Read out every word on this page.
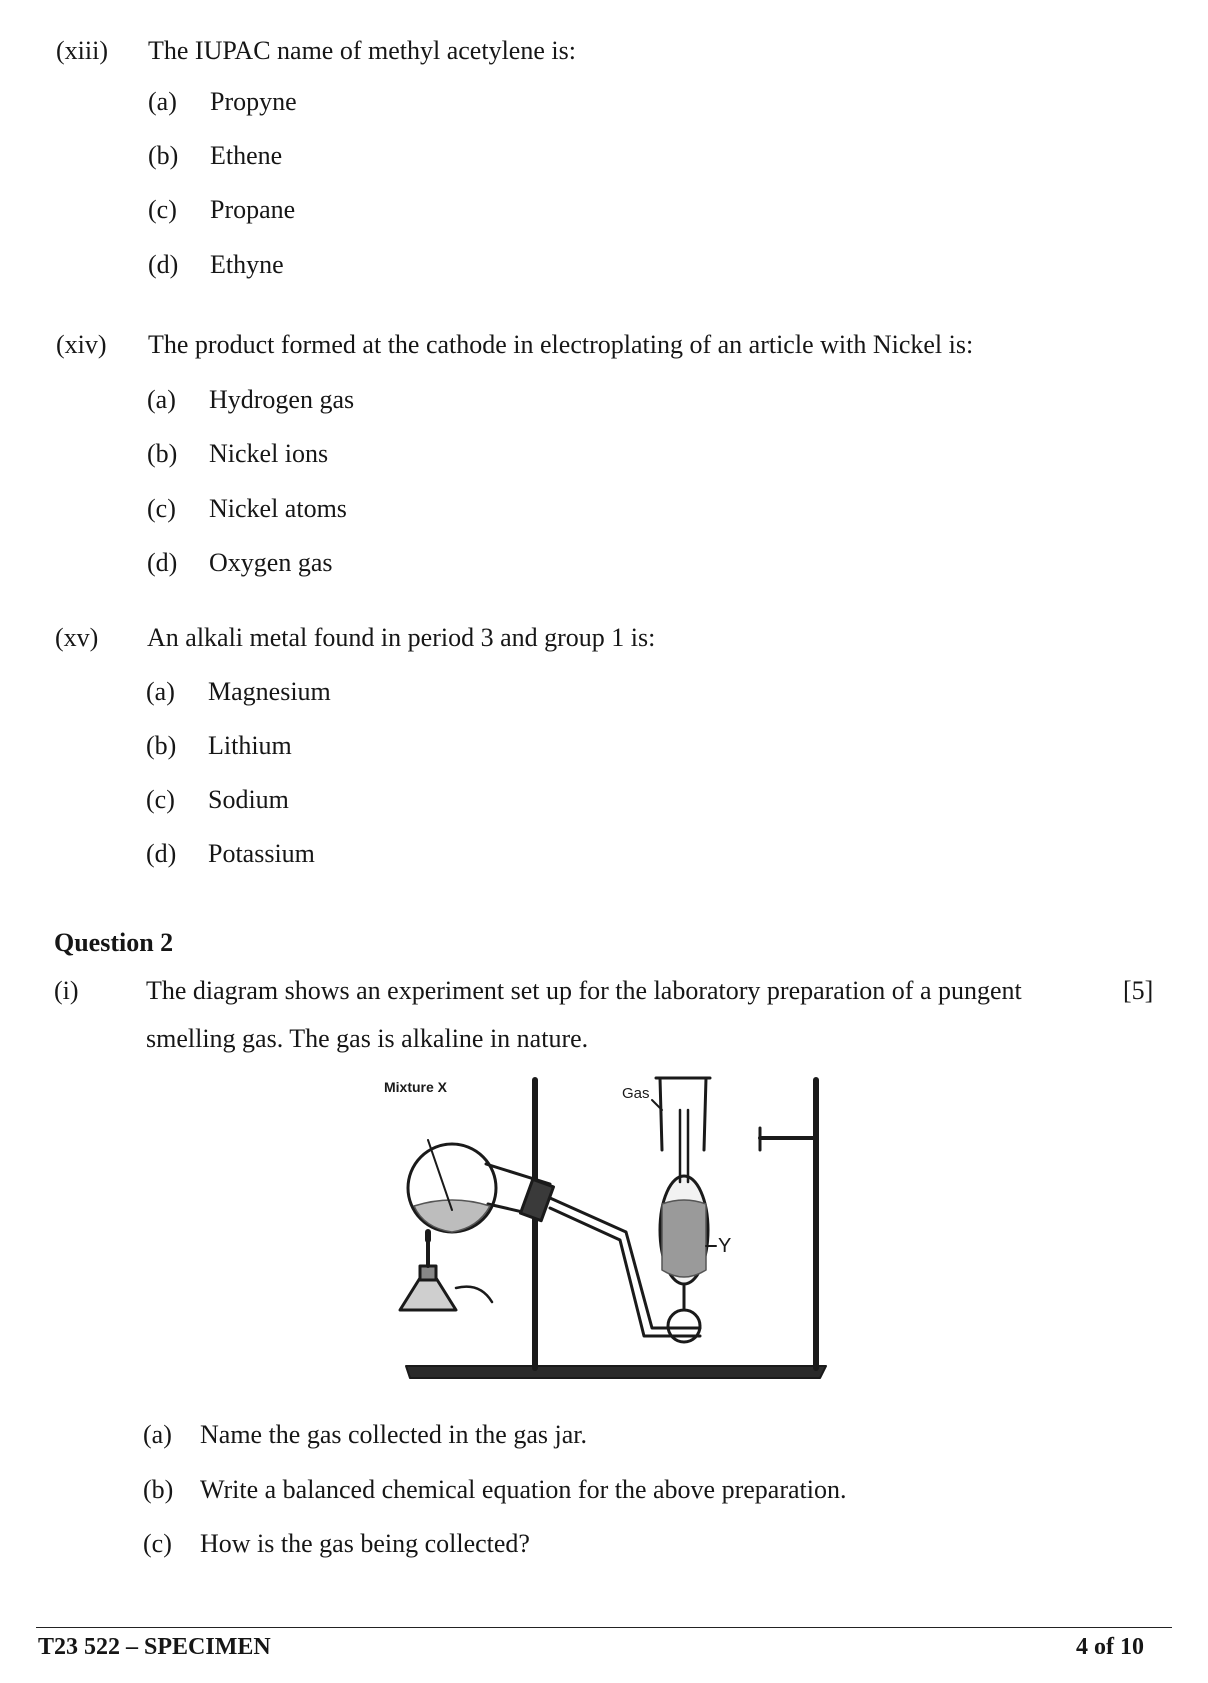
(xiii) The IUPAC name of methyl acetylene is:
(a) Propyne
(b) Ethene
(c) Propane
(d) Ethyne
(xiv) The product formed at the cathode in electroplating of an article with Nickel is:
(a) Hydrogen gas
(b) Nickel ions
(c) Nickel atoms
(d) Oxygen gas
(xv) An alkali metal found in period 3 and group 1 is:
(a) Magnesium
(b) Lithium
(c) Sodium
(d) Potassium
Question 2
(i)	The diagram shows an experiment set up for the laboratory preparation of a pungent	[5]
smelling gas. The gas is alkaline in nature.
Mixture X	Gas
Y
(a) Name the gas collected in the gas jar.
(b) Write a balanced chemical equation for the above preparation.
(c) How is the gas being collected?
T23 522 – SPECIMEN	4 of 10
